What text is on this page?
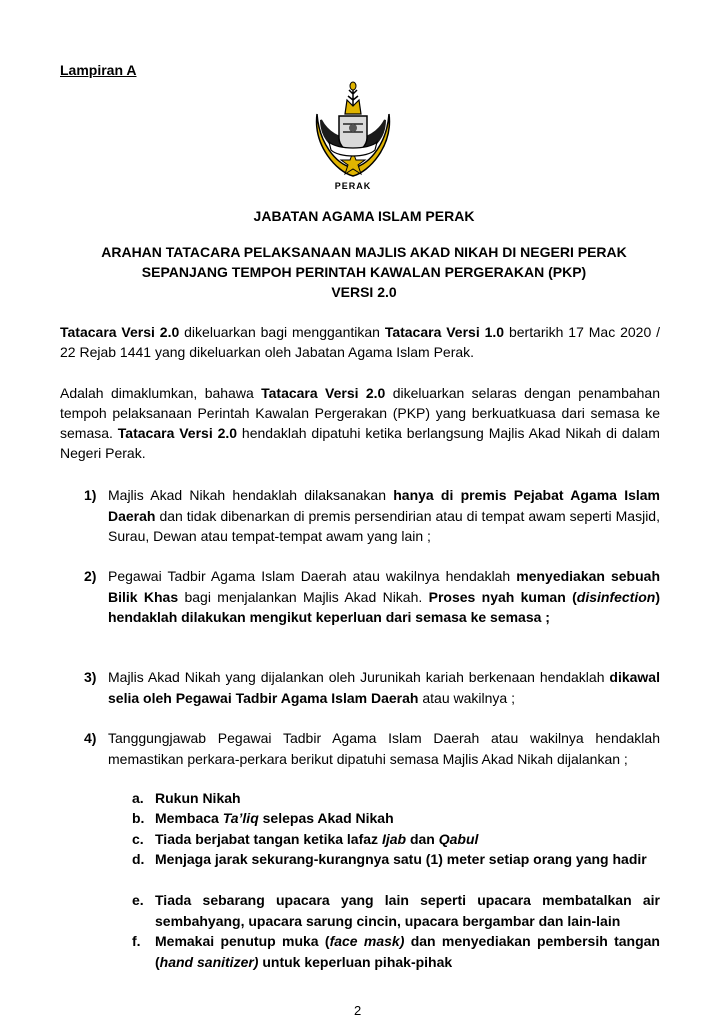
Lampiran A
PERAK
JABATAN AGAMA ISLAM PERAK
ARAHAN TATACARA PELAKSANAAN MAJLIS AKAD NIKAH DI NEGERI PERAK
SEPANJANG TEMPOH PERINTAH KAWALAN PERGERAKAN (PKP)
VERSI 2.0
Tatacara Versi 2.0 dikeluarkan bagi menggantikan Tatacara Versi 1.0 bertarikh 17 Mac 2020 / 22 Rejab 1441 yang dikeluarkan oleh Jabatan Agama Islam Perak.
Adalah dimaklumkan, bahawa Tatacara Versi 2.0 dikeluarkan selaras dengan penambahan tempoh pelaksanaan Perintah Kawalan Pergerakan (PKP) yang berkuatkuasa dari semasa ke semasa. Tatacara Versi 2.0 hendaklah dipatuhi ketika berlangsung Majlis Akad Nikah di dalam Negeri Perak.
1) Majlis Akad Nikah hendaklah dilaksanakan hanya di premis Pejabat Agama Islam Daerah dan tidak dibenarkan di premis persendirian atau di tempat awam seperti Masjid, Surau, Dewan atau tempat-tempat awam yang lain ;
2) Pegawai Tadbir Agama Islam Daerah atau wakilnya hendaklah menyediakan sebuah Bilik Khas bagi menjalankan Majlis Akad Nikah. Proses nyah kuman (disinfection) hendaklah dilakukan mengikut keperluan dari semasa ke semasa ;
3) Majlis Akad Nikah yang dijalankan oleh Jurunikah kariah berkenaan hendaklah dikawal selia oleh Pegawai Tadbir Agama Islam Daerah atau wakilnya ;
4) Tanggungjawab Pegawai Tadbir Agama Islam Daerah atau wakilnya hendaklah memastikan perkara-perkara berikut dipatuhi semasa Majlis Akad Nikah dijalankan ;
a. Rukun Nikah
b. Membaca Ta’liq selepas Akad Nikah
c. Tiada berjabat tangan ketika lafaz Ijab dan Qabul
d. Menjaga jarak sekurang-kurangnya satu (1) meter setiap orang yang hadir
e. Tiada sebarang upacara yang lain seperti upacara membatalkan air sembahyang, upacara sarung cincin, upacara bergambar dan lain-lain
f. Memakai penutup muka (face mask) dan menyediakan pembersih tangan (hand sanitizer) untuk keperluan pihak-pihak
2
